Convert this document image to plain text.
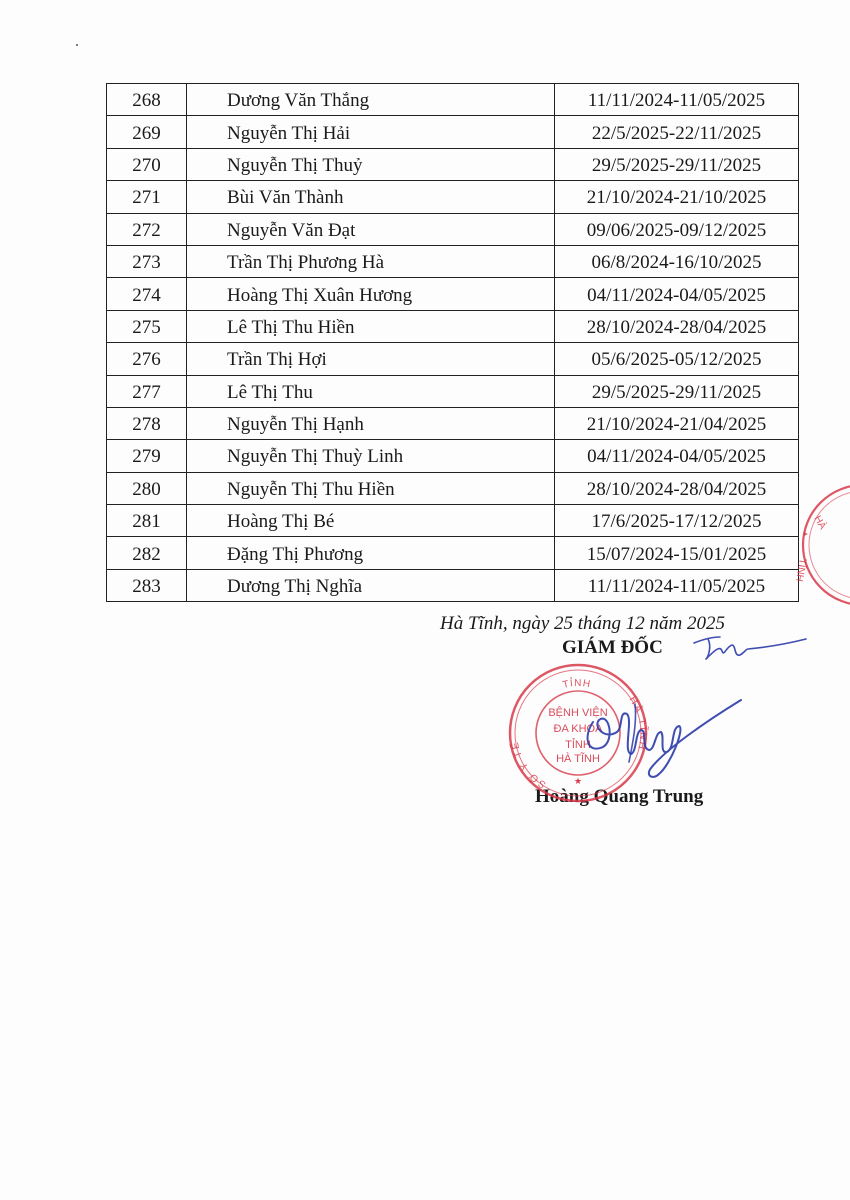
268	Dương Văn Thắng	11/11/2024-11/05/2025
269	Nguyễn Thị Hải	22/5/2025-22/11/2025
270	Nguyễn Thị Thuỷ	29/5/2025-29/11/2025
271	Bùi Văn Thành	21/10/2024-21/10/2025
272	Nguyễn Văn Đạt	09/06/2025-09/12/2025
273	Trần Thị Phương Hà	06/8/2024-16/10/2025
274	Hoàng Thị Xuân Hương	04/11/2024-04/05/2025
275	Lê Thị Thu Hiền	28/10/2024-28/04/2025
276	Trần Thị Hợi	05/6/2025-05/12/2025
277	Lê Thị Thu	29/5/2025-29/11/2025
278	Nguyễn Thị Hạnh	21/10/2024-21/04/2025
279	Nguyễn Thị Thuỳ Linh	04/11/2024-04/05/2025
280	Nguyễn Thị Thu Hiền	28/10/2024-28/04/2025
281	Hoàng Thị Bé	17/6/2025-17/12/2025
282	Đặng Thị Phương	15/07/2024-15/01/2025
283	Dương Thị Nghĩa	11/11/2024-11/05/2025
HÀ
TĨNH
Hà Tĩnh, ngày 25 tháng 12 năm 2025
GIÁM ĐỐC
Hoàng Quang Trung
TỈNH
SỞ Y TẾ
HÀ TĨNH
BỆNH VIỆN
ĐA KHOA
TỈNH
HÀ TĨNH
★
